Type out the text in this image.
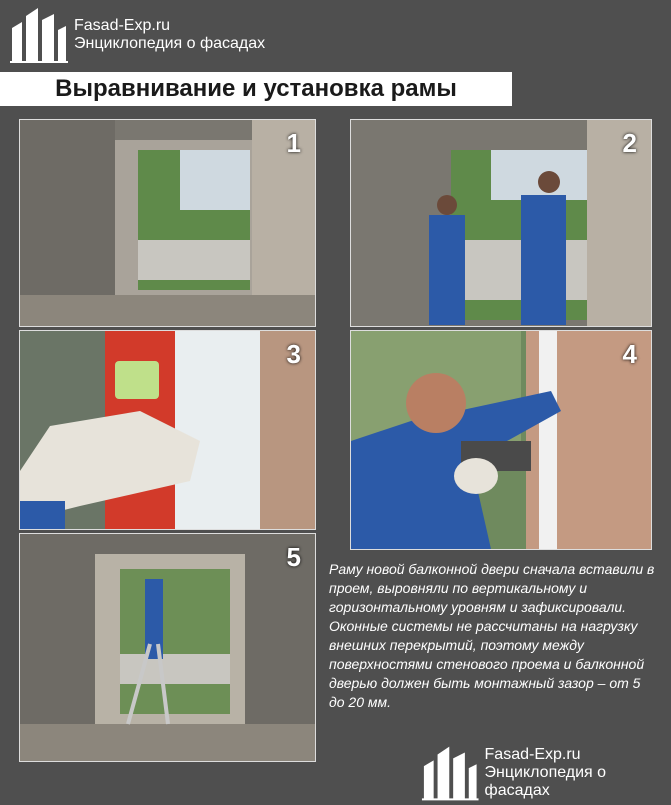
Fasad-Exp.ru
Энциклопедия о фасадах
Выравнивание и установка рамы
1	2
3	4
5 Раму новой балконной двери сначала вставили в проем, выровняли по вертикальному и горизонтальному уровням и зафиксировали. Оконные системы не рассчитаны на нагрузку внешних перекрытий, поэтому между поверхностями стенового проема и балконной дверью должен быть монтажный зазор – от 5 до 20 мм.
Fasad-Exp.ru
Энциклопедия о фасадах
